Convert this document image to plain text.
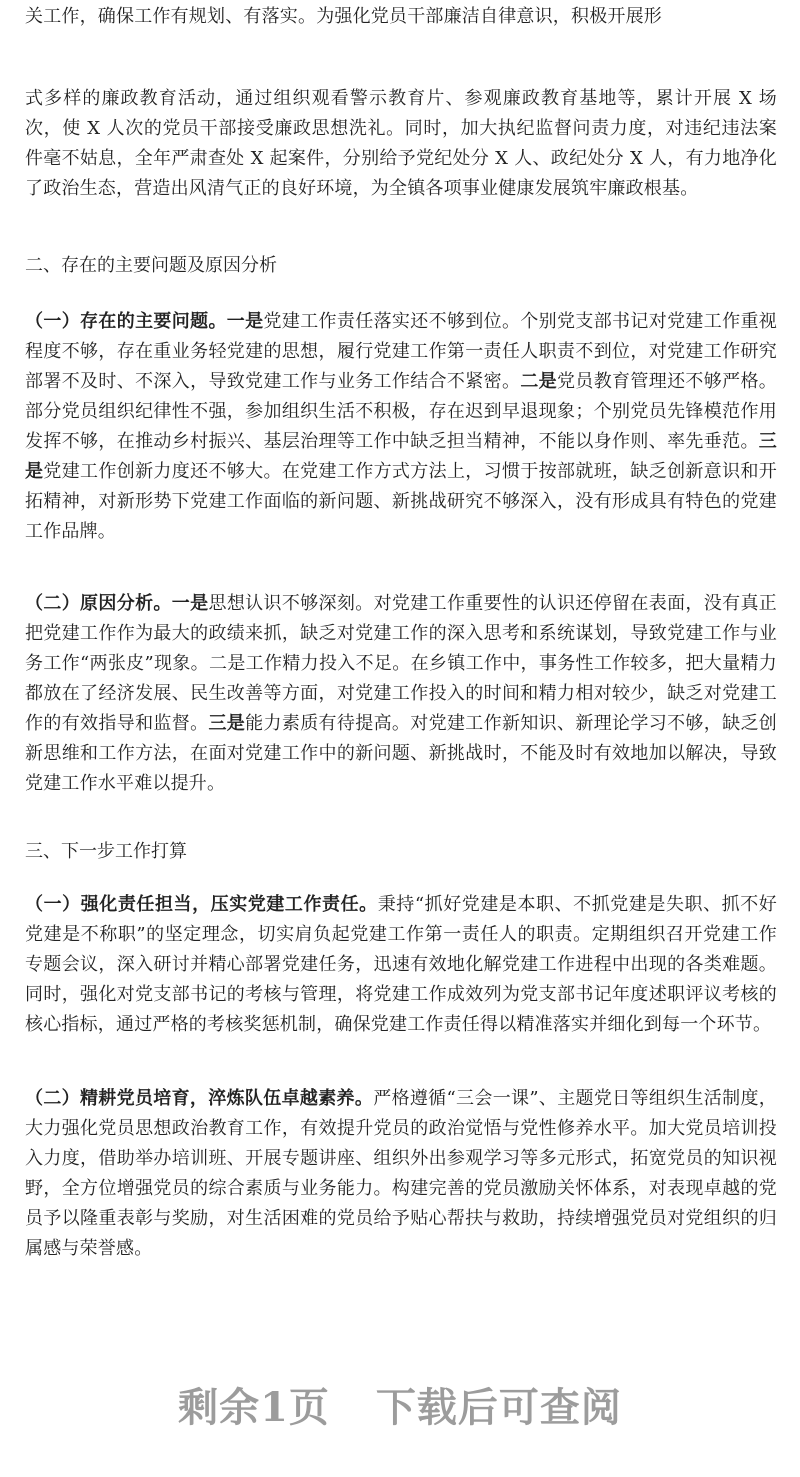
关工作，确保工作有规划、有落实。为强化党员干部廉洁自律意识，积极开展形

式多样的廉政教育活动，通过组织观看警示教育片、参观廉政教育基地等，累计开展 X 场次，使 X 人次的党员干部接受廉政思想洗礼。同时，加大执纪监督问责力度，对违纪违法案件毫不姑息，全年严肃查处 X 起案件，分别给予党纪处分 X 人、政纪处分 X 人，有力地净化了政治生态，营造出风清气正的良好环境，为全镇各项事业健康发展筑牢廉政根基。

二、存在的主要问题及原因分析

（一）存在的主要问题。一是党建工作责任落实还不够到位。个别党支部书记对党建工作重视程度不够，存在重业务轻党建的思想，履行党建工作第一责任人职责不到位，对党建工作研究部署不及时、不深入，导致党建工作与业务工作结合不紧密。二是党员教育管理还不够严格。部分党员组织纪律性不强，参加组织生活不积极，存在迟到早退现象；个别党员先锋模范作用发挥不够，在推动乡村振兴、基层治理等工作中缺乏担当精神，不能以身作则、率先垂范。三是党建工作创新力度还不够大。在党建工作方式方法上，习惯于按部就班，缺乏创新意识和开拓精神，对新形势下党建工作面临的新问题、新挑战研究不够深入，没有形成具有特色的党建工作品牌。

（二）原因分析。一是思想认识不够深刻。对党建工作重要性的认识还停留在表面，没有真正把党建工作作为最大的政绩来抓，缺乏对党建工作的深入思考和系统谋划，导致党建工作与业务工作“两张皮”现象。二是工作精力投入不足。在乡镇工作中，事务性工作较多，把大量精力都放在了经济发展、民生改善等方面，对党建工作投入的时间和精力相对较少，缺乏对党建工作的有效指导和监督。三是能力素质有待提高。对党建工作新知识、新理论学习不够，缺乏创新思维和工作方法，在面对党建工作中的新问题、新挑战时，不能及时有效地加以解决，导致党建工作水平难以提升。

三、下一步工作打算

（一）强化责任担当，压实党建工作责任。秉持“抓好党建是本职、不抓党建是失职、抓不好党建是不称职”的坚定理念，切实肩负起党建工作第一责任人的职责。定期组织召开党建工作专题会议，深入研讨并精心部署党建任务，迅速有效地化解党建工作进程中出现的各类难题。同时，强化对党支部书记的考核与管理，将党建工作成效列为党支部书记年度述职评议考核的核心指标，通过严格的考核奖惩机制，确保党建工作责任得以精准落实并细化到每一个环节。

（二）精耕党员培育，淬炼队伍卓越素养。严格遵循“三会一课”、主题党日等组织生活制度，大力强化党员思想政治教育工作，有效提升党员的政治觉悟与党性修养水平。加大党员培训投入力度，借助举办培训班、开展专题讲座、组织外出参观学习等多元形式，拓宽党员的知识视野，全方位增强党员的综合素质与业务能力。构建完善的党员激励关怀体系，对表现卓越的党员予以隆重表彰与奖励，对生活困难的党员给予贴心帮扶与救助，持续增强党员对党组织的归属感与荣誉感。

剩余1页 下载后可查阅
